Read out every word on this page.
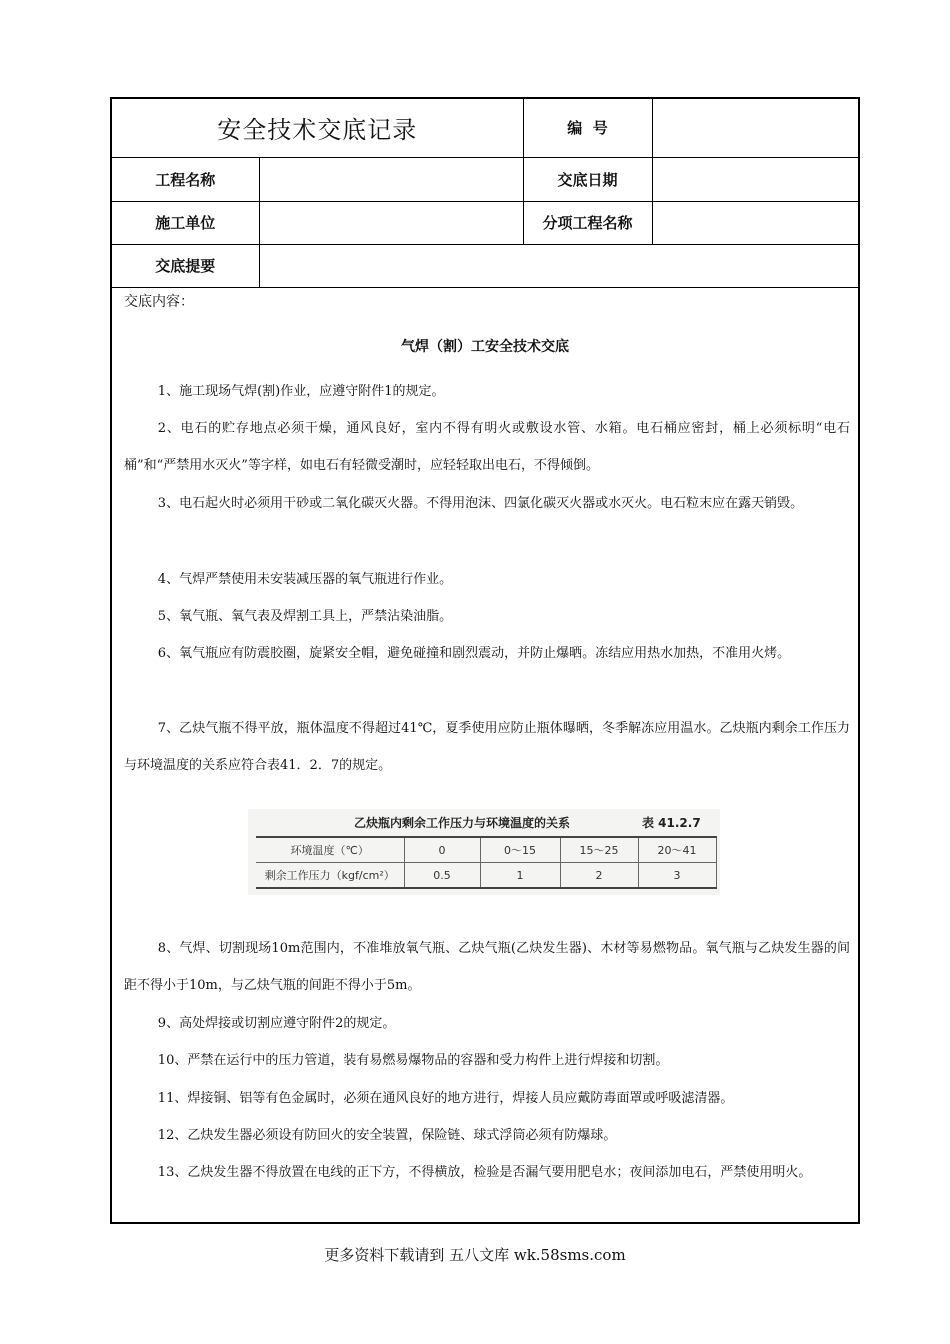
安全技术交底记录		编  号	
工程名称		交底日期	
施工单位		分项工程名称	
交底提要			
交底内容：
气焊（割）工安全技术交底
1、施工现场气焊(割)作业，应遵守附件1的规定。
2、电石的贮存地点必须干燥，通风良好，室内不得有明火或敷设水管、水箱。电石桶应密封，桶上必须标明“电石桶”和“严禁用水灭火”等字样，如电石有轻微受潮时，应轻轻取出电石，不得倾倒。
3、电石起火时必须用干砂或二氧化碳灭火器。不得用泡沫、四氯化碳灭火器或水灭火。电石粒末应在露天销毁。
4、气焊严禁使用未安装减压器的氧气瓶进行作业。
5、氧气瓶、氧气表及焊割工具上，严禁沾染油脂。
6、氧气瓶应有防震胶圈，旋紧安全帽，避免碰撞和剧烈震动，并防止爆晒。冻结应用热水加热，不准用火烤。
7、乙炔气瓶不得平放，瓶体温度不得超过41℃，夏季使用应防止瓶体曝晒，冬季解冻应用温水。乙炔瓶内剩余工作压力与环境温度的关系应符合表41．2．7的规定。
乙炔瓶内剩余工作压力与环境温度的关系	表 41.2.7
环境温度（℃）	0	0～15	15～25	20～41
剩余工作压力（kgf/cm²）	0.5	1	2	3
8、气焊、切割现场10m范围内，不准堆放氧气瓶、乙炔气瓶(乙炔发生器)、木材等易燃物品。氧气瓶与乙炔发生器的间距不得小于10m，与乙炔气瓶的间距不得小于5m。
9、高处焊接或切割应遵守附件2的规定。
10、严禁在运行中的压力管道，装有易燃易爆物品的容器和受力构件上进行焊接和切割。
11、焊接铜、铝等有色金属时，必须在通风良好的地方进行，焊接人员应戴防毒面罩或呼吸滤清器。
12、乙炔发生器必须设有防回火的安全装置，保险链、球式浮筒必须有防爆球。
13、乙炔发生器不得放置在电线的正下方，不得横放，检验是否漏气要用肥皂水；夜间添加电石，严禁使用明火。
更多资料下载请到 五八文库 wk.58sms.com
